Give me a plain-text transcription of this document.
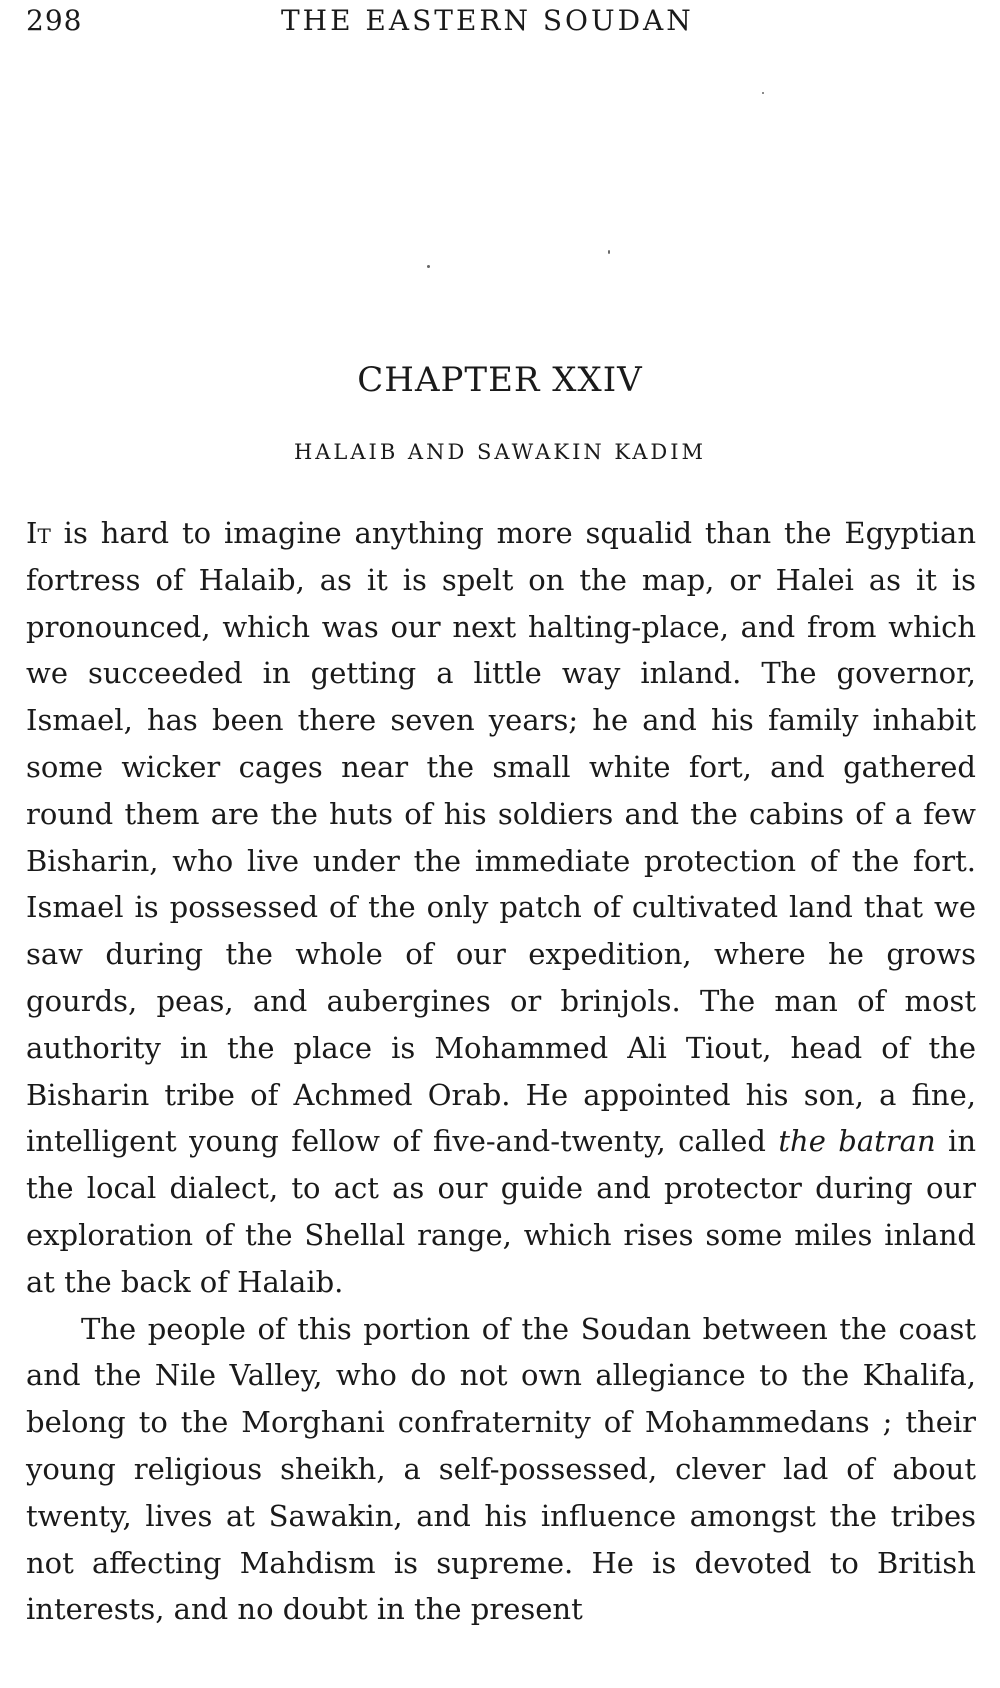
298	THE EASTERN SOUDAN
CHAPTER XXIV
HALAIB AND SAWAKIN KADIM

It is hard to imagine anything more squalid than the Egyptian fortress of Halaib, as it is spelt on the map, or Halei as it is pronounced, which was our next halting-place, and from which we succeeded in getting a little way inland. The governor, Ismael, has been there seven years; he and his family inhabit some wicker cages near the small white fort, and gathered round them are the huts of his soldiers and the cabins of a few Bisharin, who live under the immediate protection of the fort. Ismael is possessed of the only patch of cultivated land that we saw during the whole of our expedition, where he grows gourds, peas, and aubergines or brinjols. The man of most authority in the place is Mohammed Ali Tiout, head of the Bisharin tribe of Achmed Orab. He appointed his son, a fine, intelligent young fellow of five-and-twenty, called the batran in the local dialect, to act as our guide and protector during our exploration of the Shellal range, which rises some miles inland at the back of Halaib.

The people of this portion of the Soudan between the coast and the Nile Valley, who do not own allegiance to the Khalifa, belong to the Morghani confraternity of Mohammedans ; their young religious sheikh, a self-possessed, clever lad of about twenty, lives at Sawakin, and his influence amongst the tribes not affecting Mahdism is supreme. He is devoted to British interests, and no doubt in the present
